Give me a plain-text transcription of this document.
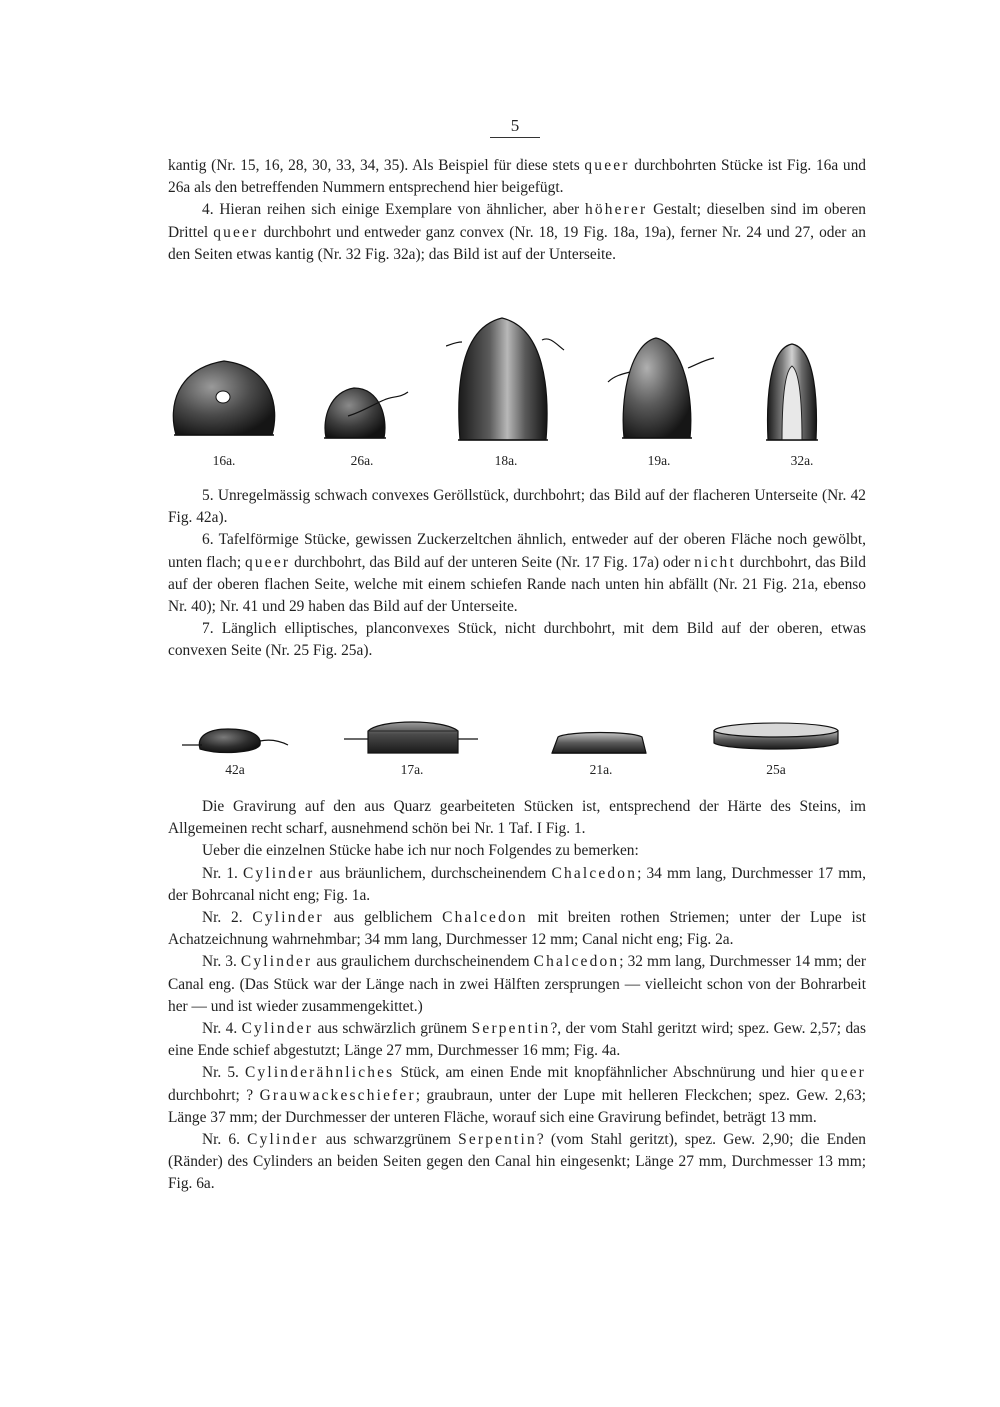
5

kantig (Nr. 15, 16, 28, 30, 33, 34, 35). Als Beispiel für diese stets queer durchbohrten Stücke ist Fig. 16a und 26a als den betreffenden Nummern entsprechend hier beigefügt.

4. Hieran reihen sich einige Exemplare von ähnlicher, aber höherer Gestalt; dieselben sind im oberen Drittel queer durchbohrt und entweder ganz convex (Nr. 18, 19 Fig. 18a, 19a), ferner Nr. 24 und 27, oder an den Seiten etwas kantig (Nr. 32 Fig. 32a); das Bild ist auf der Unterseite.

16a.	26a.	18a.	19a.	32a.

5. Unregelmässig schwach convexes Geröllstück, durchbohrt; das Bild auf der flacheren Unterseite (Nr. 42 Fig. 42a).

6. Tafelförmige Stücke, gewissen Zuckerzeltchen ähnlich, entweder auf der oberen Fläche noch gewölbt, unten flach; queer durchbohrt, das Bild auf der unteren Seite (Nr. 17 Fig. 17a) oder nicht durchbohrt, das Bild auf der oberen flachen Seite, welche mit einem schiefen Rande nach unten hin abfällt (Nr. 21 Fig. 21a, ebenso Nr. 40); Nr. 41 und 29 haben das Bild auf der Unterseite.

7. Länglich elliptisches, planconvexes Stück, nicht durchbohrt, mit dem Bild auf der oberen, etwas convexen Seite (Nr. 25 Fig. 25a).

42a	17a.	21a.	25a

Die Gravirung auf den aus Quarz gearbeiteten Stücken ist, entsprechend der Härte des Steins, im Allgemeinen recht scharf, ausnehmend schön bei Nr. 1 Taf. I Fig. 1.

Ueber die einzelnen Stücke habe ich nur noch Folgendes zu bemerken:

Nr. 1. Cylinder aus bräunlichem, durchscheinendem Chalcedon; 34 mm lang, Durchmesser 17 mm, der Bohrcanal nicht eng; Fig. 1a.

Nr. 2. Cylinder aus gelblichem Chalcedon mit breiten rothen Striemen; unter der Lupe ist Achatzeichnung wahrnehmbar; 34 mm lang, Durchmesser 12 mm; Canal nicht eng; Fig. 2a.

Nr. 3. Cylinder aus graulichem durchscheinendem Chalcedon; 32 mm lang, Durchmesser 14 mm; der Canal eng. (Das Stück war der Länge nach in zwei Hälften zersprungen — vielleicht schon von der Bohrarbeit her — und ist wieder zusammengekittet.)

Nr. 4. Cylinder aus schwärzlich grünem Serpentin?, der vom Stahl geritzt wird; spez. Gew. 2,57; das eine Ende schief abgestutzt; Länge 27 mm, Durchmesser 16 mm; Fig. 4a.

Nr. 5. Cylinderähnliches Stück, am einen Ende mit knopfähnlicher Abschnürung und hier queer durchbohrt; ? Grauwackeschiefer; graubraun, unter der Lupe mit helleren Fleckchen; spez. Gew. 2,63; Länge 37 mm; der Durchmesser der unteren Fläche, worauf sich eine Gravirung befindet, beträgt 13 mm.

Nr. 6. Cylinder aus schwarzgrünem Serpentin? (vom Stahl geritzt), spez. Gew. 2,90; die Enden (Ränder) des Cylinders an beiden Seiten gegen den Canal hin eingesenkt; Länge 27 mm, Durchmesser 13 mm; Fig. 6a.
